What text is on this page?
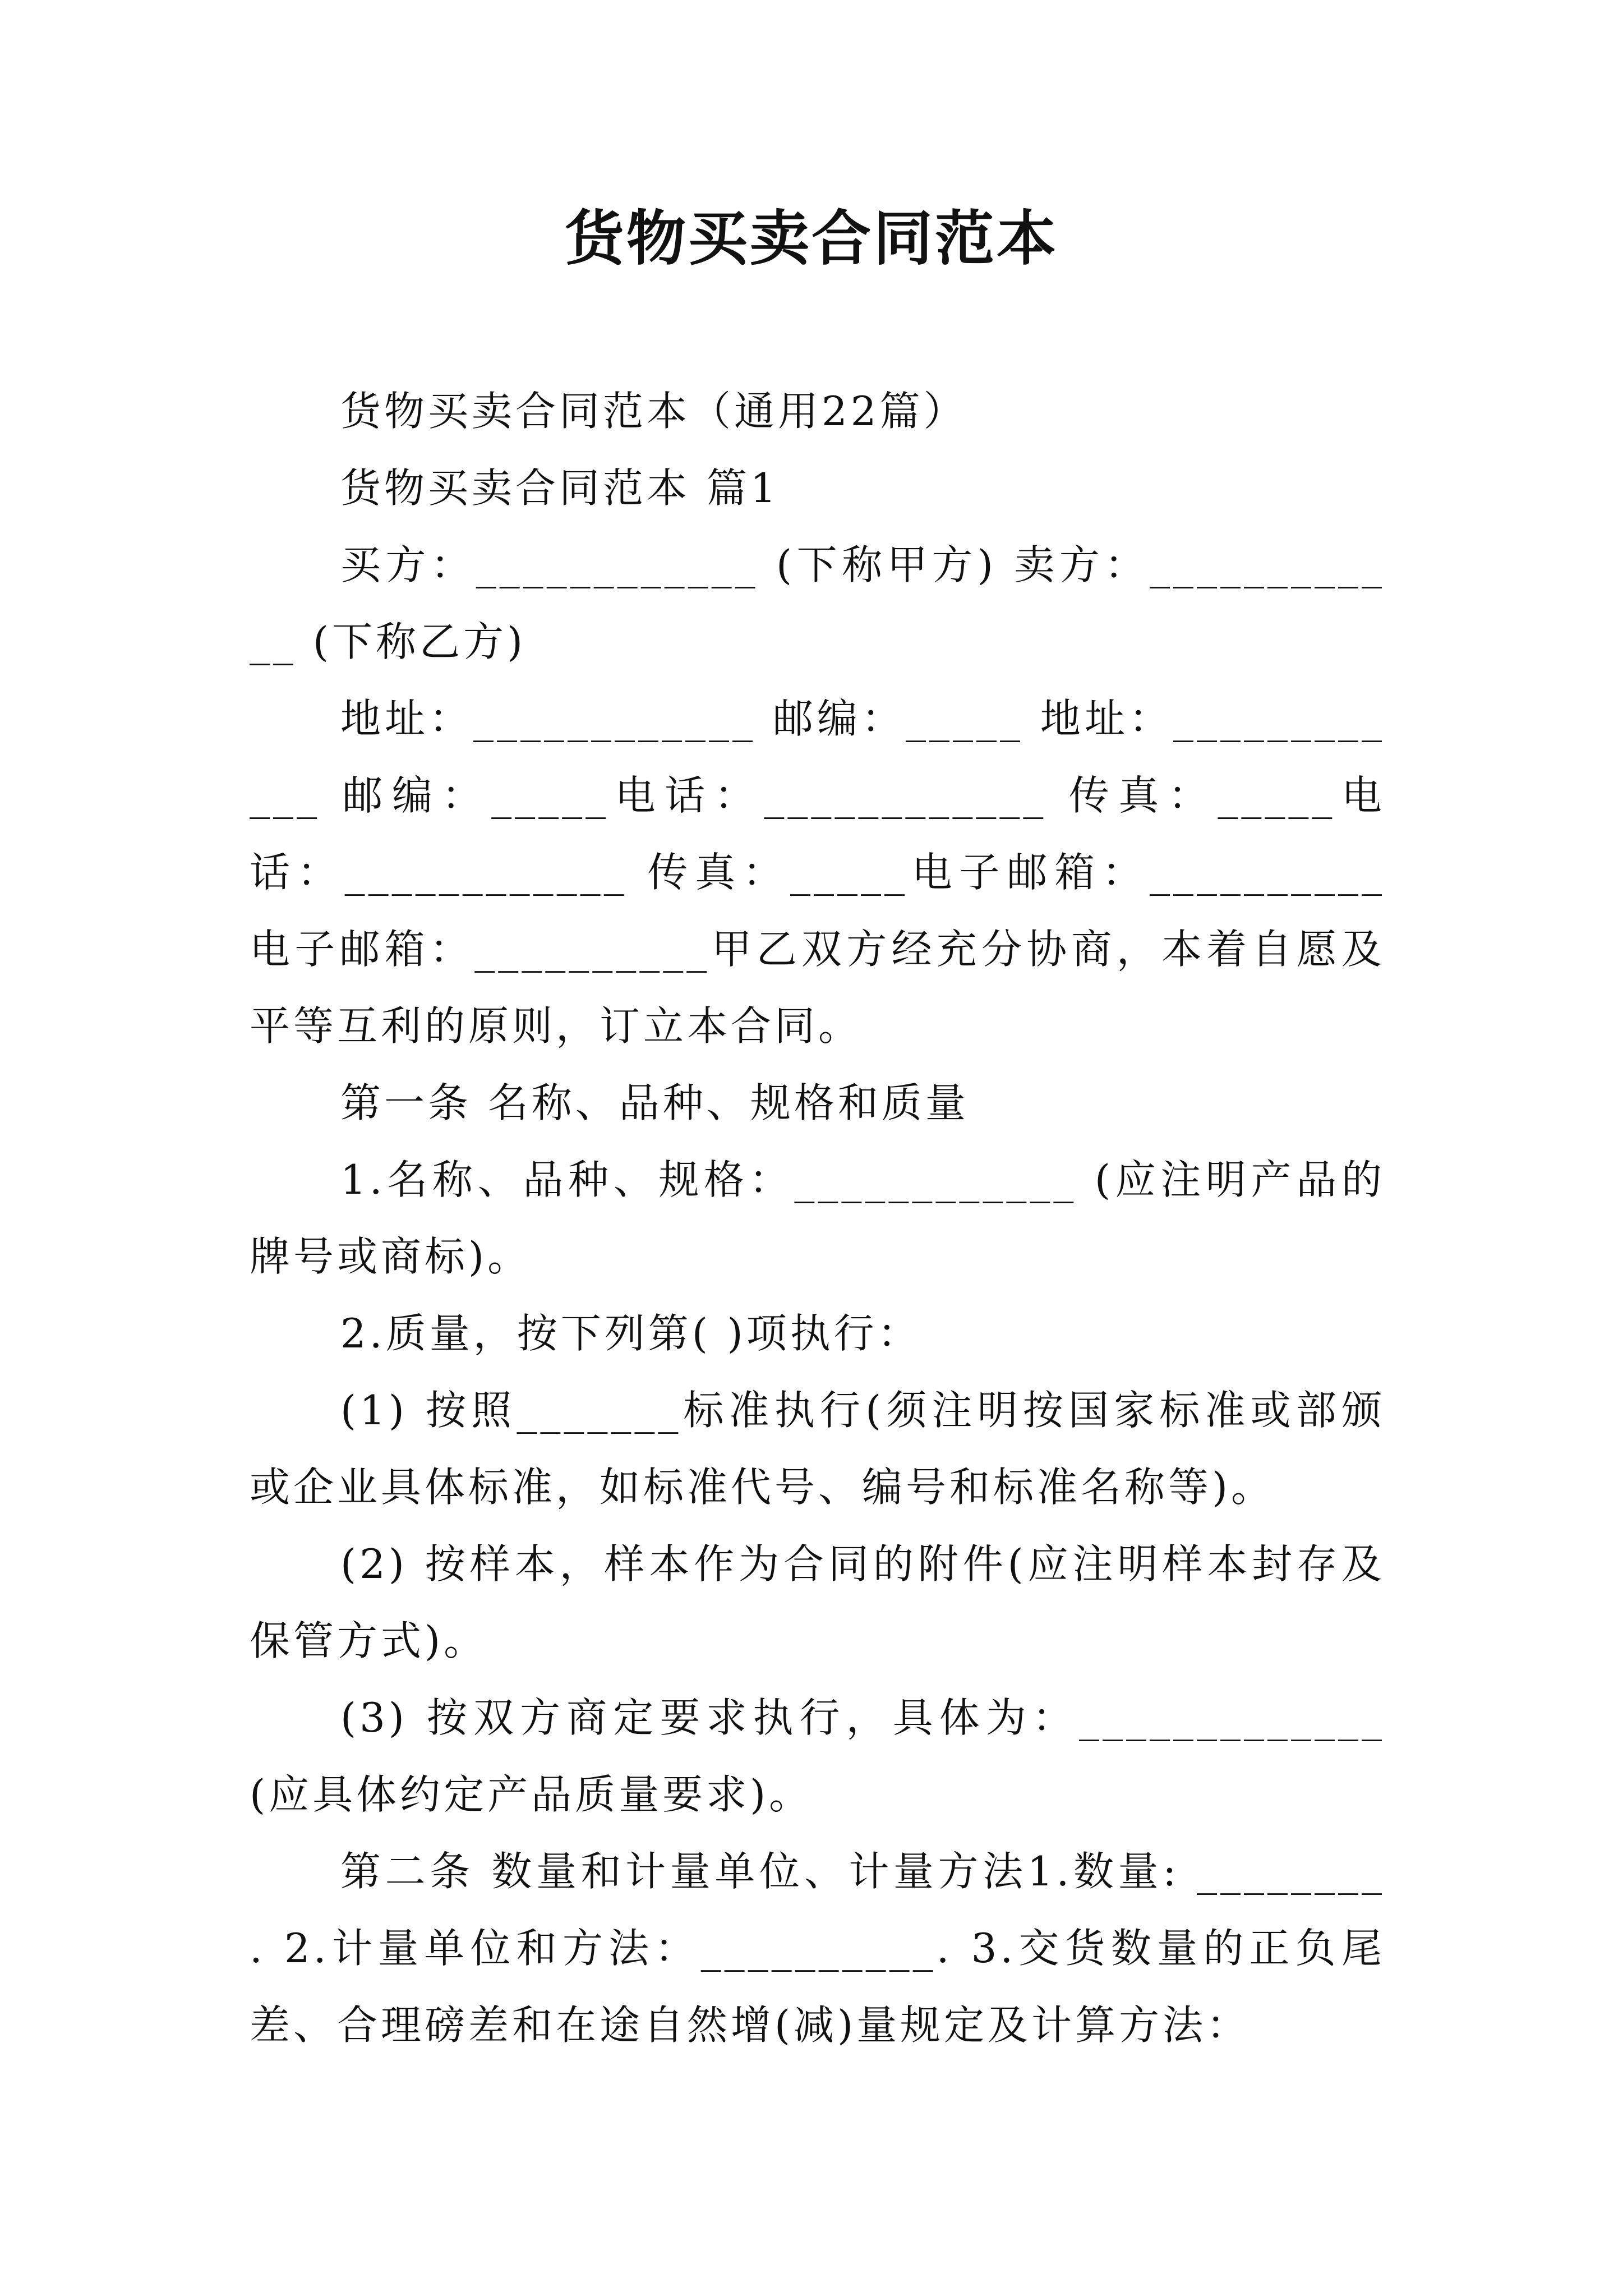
货物买卖合同范本

货物买卖合同范本（通用22篇）

货物买卖合同范本 篇1

买方：____________ (下称甲方) 卖方：____________ (下称乙方)

地址：____________ 邮编：_____ 地址：____________ 邮编：_____电话：____________ 传真：_____电话：____________ 传真：_____电子邮箱：__________ 电子邮箱：__________甲乙双方经充分协商，本着自愿及平等互利的原则，订立本合同。

第一条 名称、品种、规格和质量

1.名称、品种、规格：____________ (应注明产品的牌号或商标)。

2.质量，按下列第( )项执行：

(1) 按照_______标准执行(须注明按国家标准或部颁或企业具体标准，如标准代号、编号和标准名称等)。

(2) 按样本，样本作为合同的附件(应注明样本封存及保管方式)。

(3) 按双方商定要求执行，具体为：_____________(应具体约定产品质量要求)。

第二条 数量和计量单位、计量方法1.数量: ________ . 2.计量单位和方法：__________. 3.交货数量的正负尾差、合理磅差和在途自然增(减)量规定及计算方法：
